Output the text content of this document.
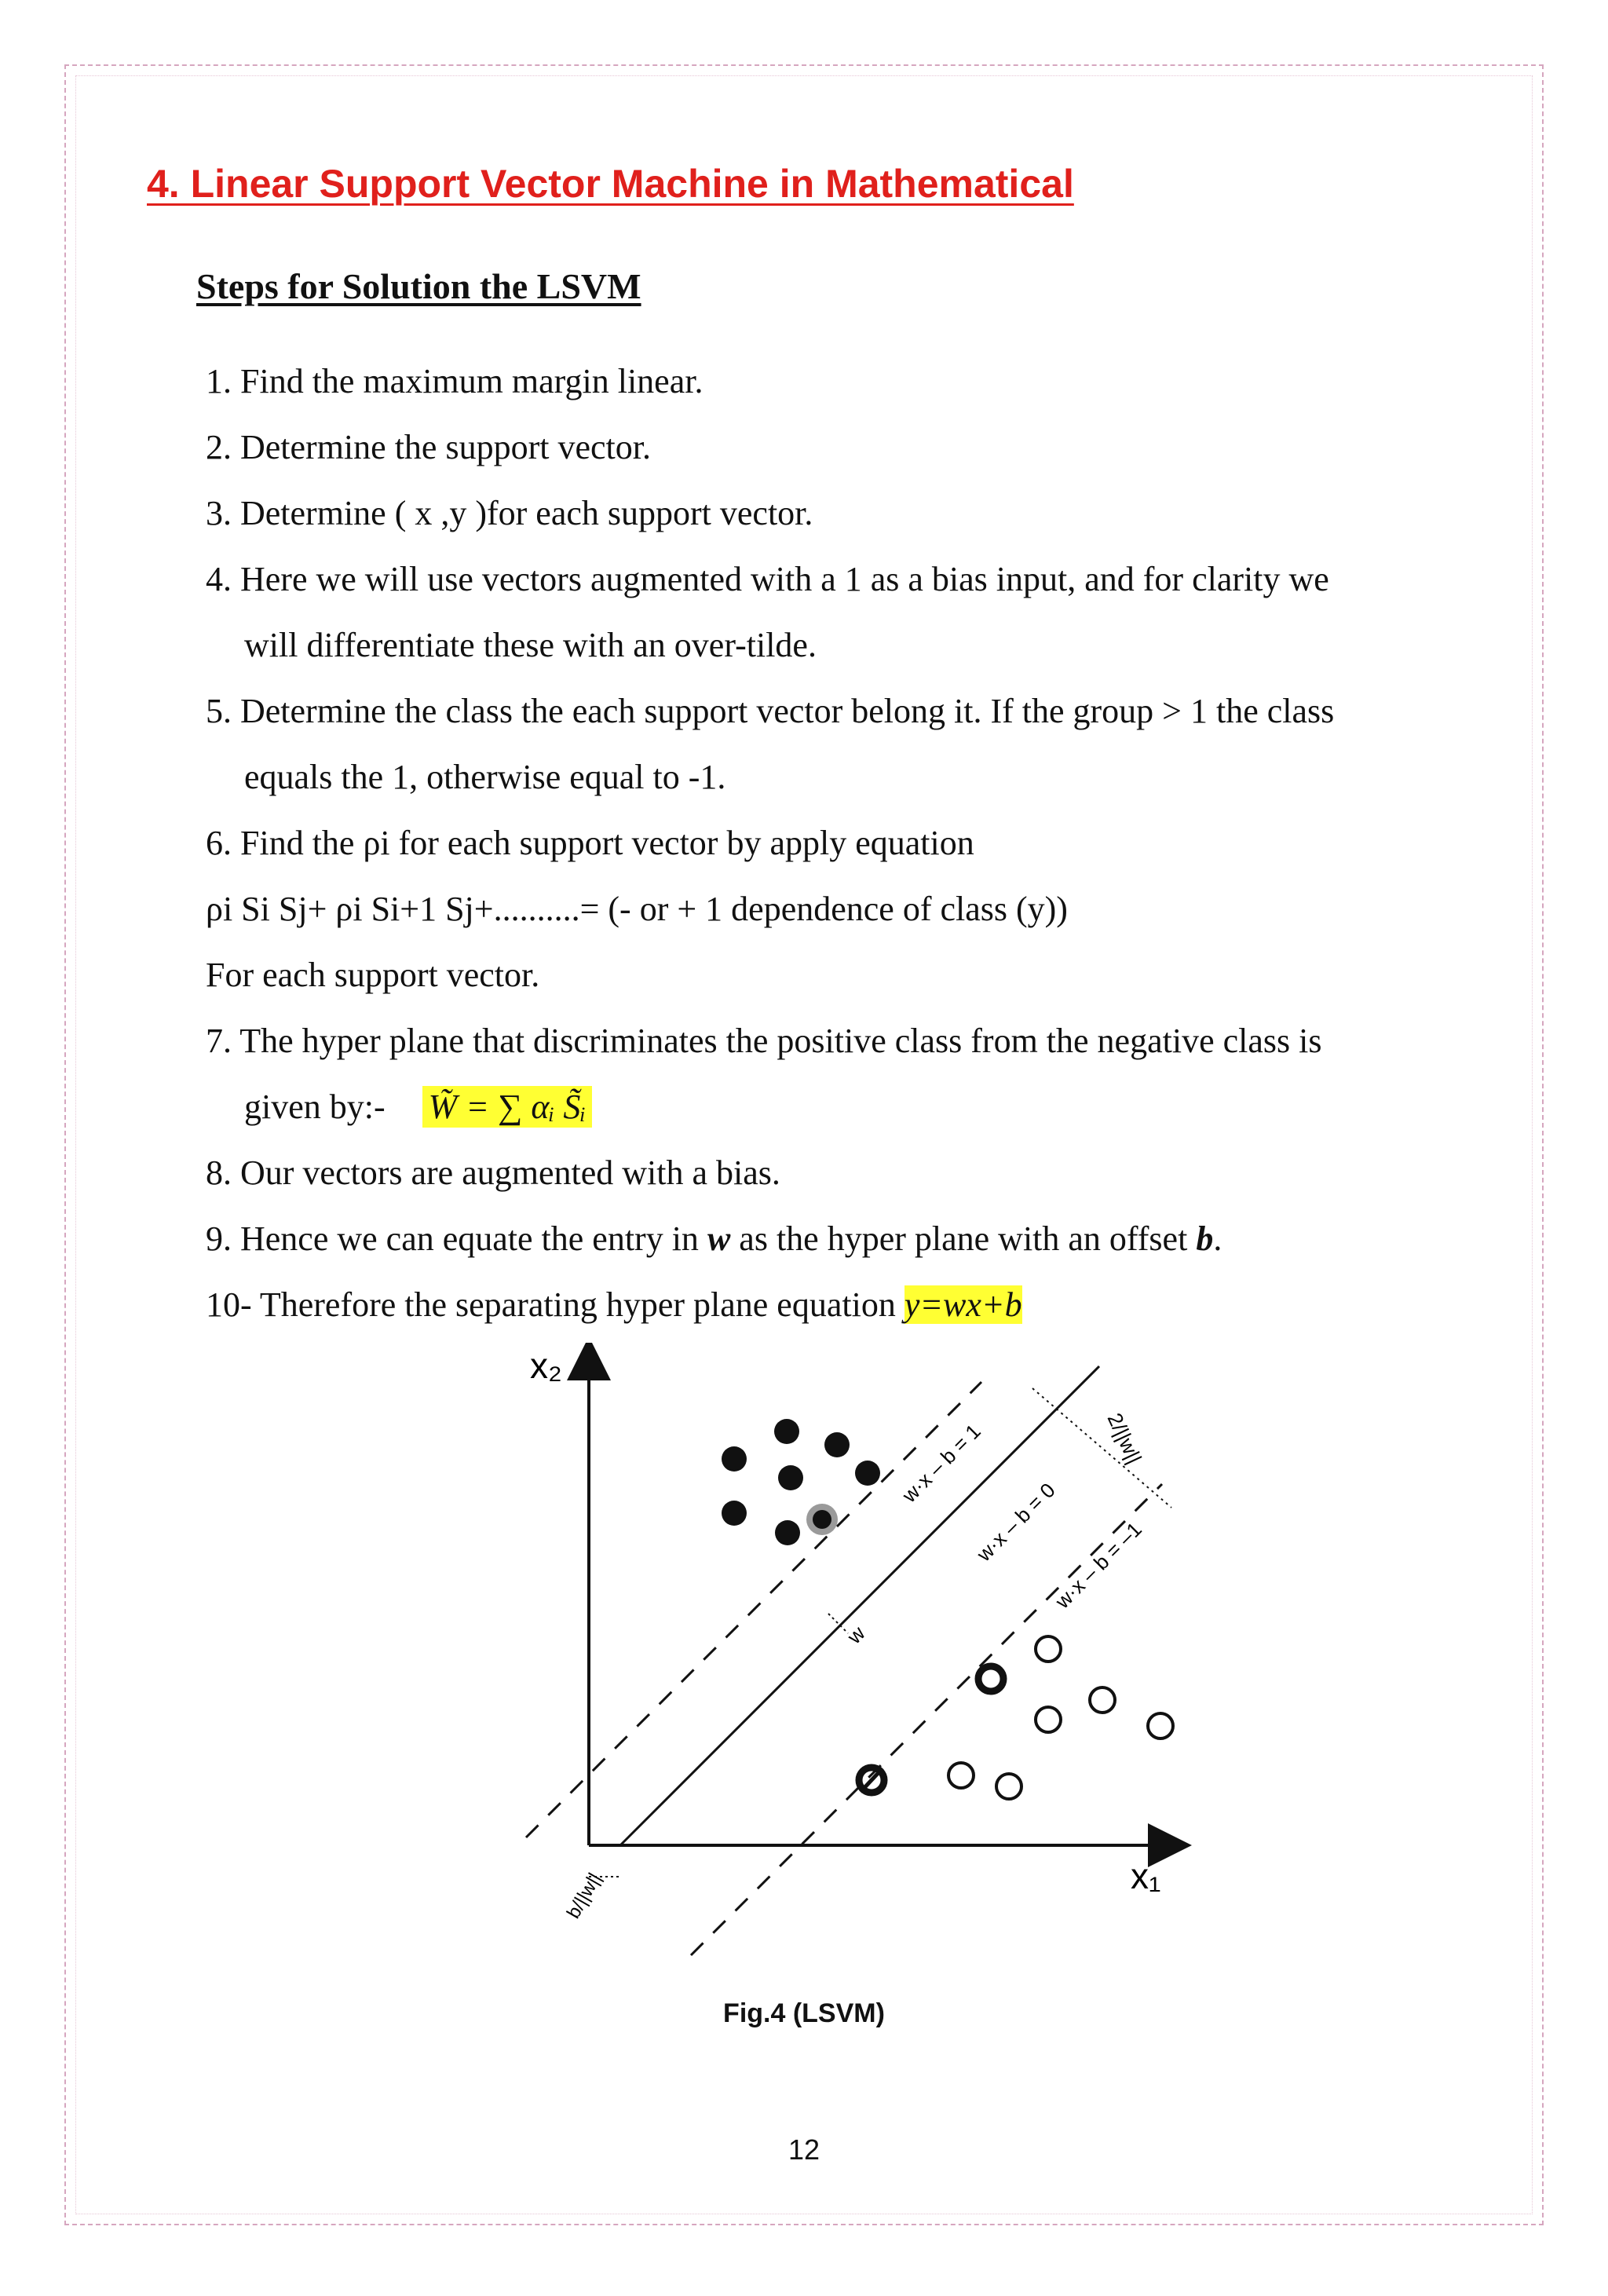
4. Linear Support Vector Machine in Mathematical
Steps for Solution the LSVM
1. Find the maximum margin linear.
2. Determine the support vector.
3. Determine ( x ,y )for each support vector.
4. Here we will use vectors augmented with a 1 as a bias input, and for clarity we
will differentiate these with an over-tilde.
5. Determine the class the each support vector belong it. If the group > 1 the class
equals the 1, otherwise equal to -1.
6. Find the ρi for each support vector by apply equation
ρi Si Sj+ ρi Si+1 Sj+..........= (- or + 1 dependence of class (y))
For each support vector.
7. The hyper plane that discriminates the positive class from the negative class is
given by:- W̃ = ∑ αᵢ S̃ᵢ
8. Our vectors are augmented with a bias.
9. Hence we can equate the entry in w as the hyper plane with an offset b.
10- Therefore the separating hyper plane equation y=wx+b
x₂
x₁
2/||w||
w·x – b = 1
w·x – b = 0
w·x – b = –1
w
b/||w||
Fig.4 (LSVM)
12
